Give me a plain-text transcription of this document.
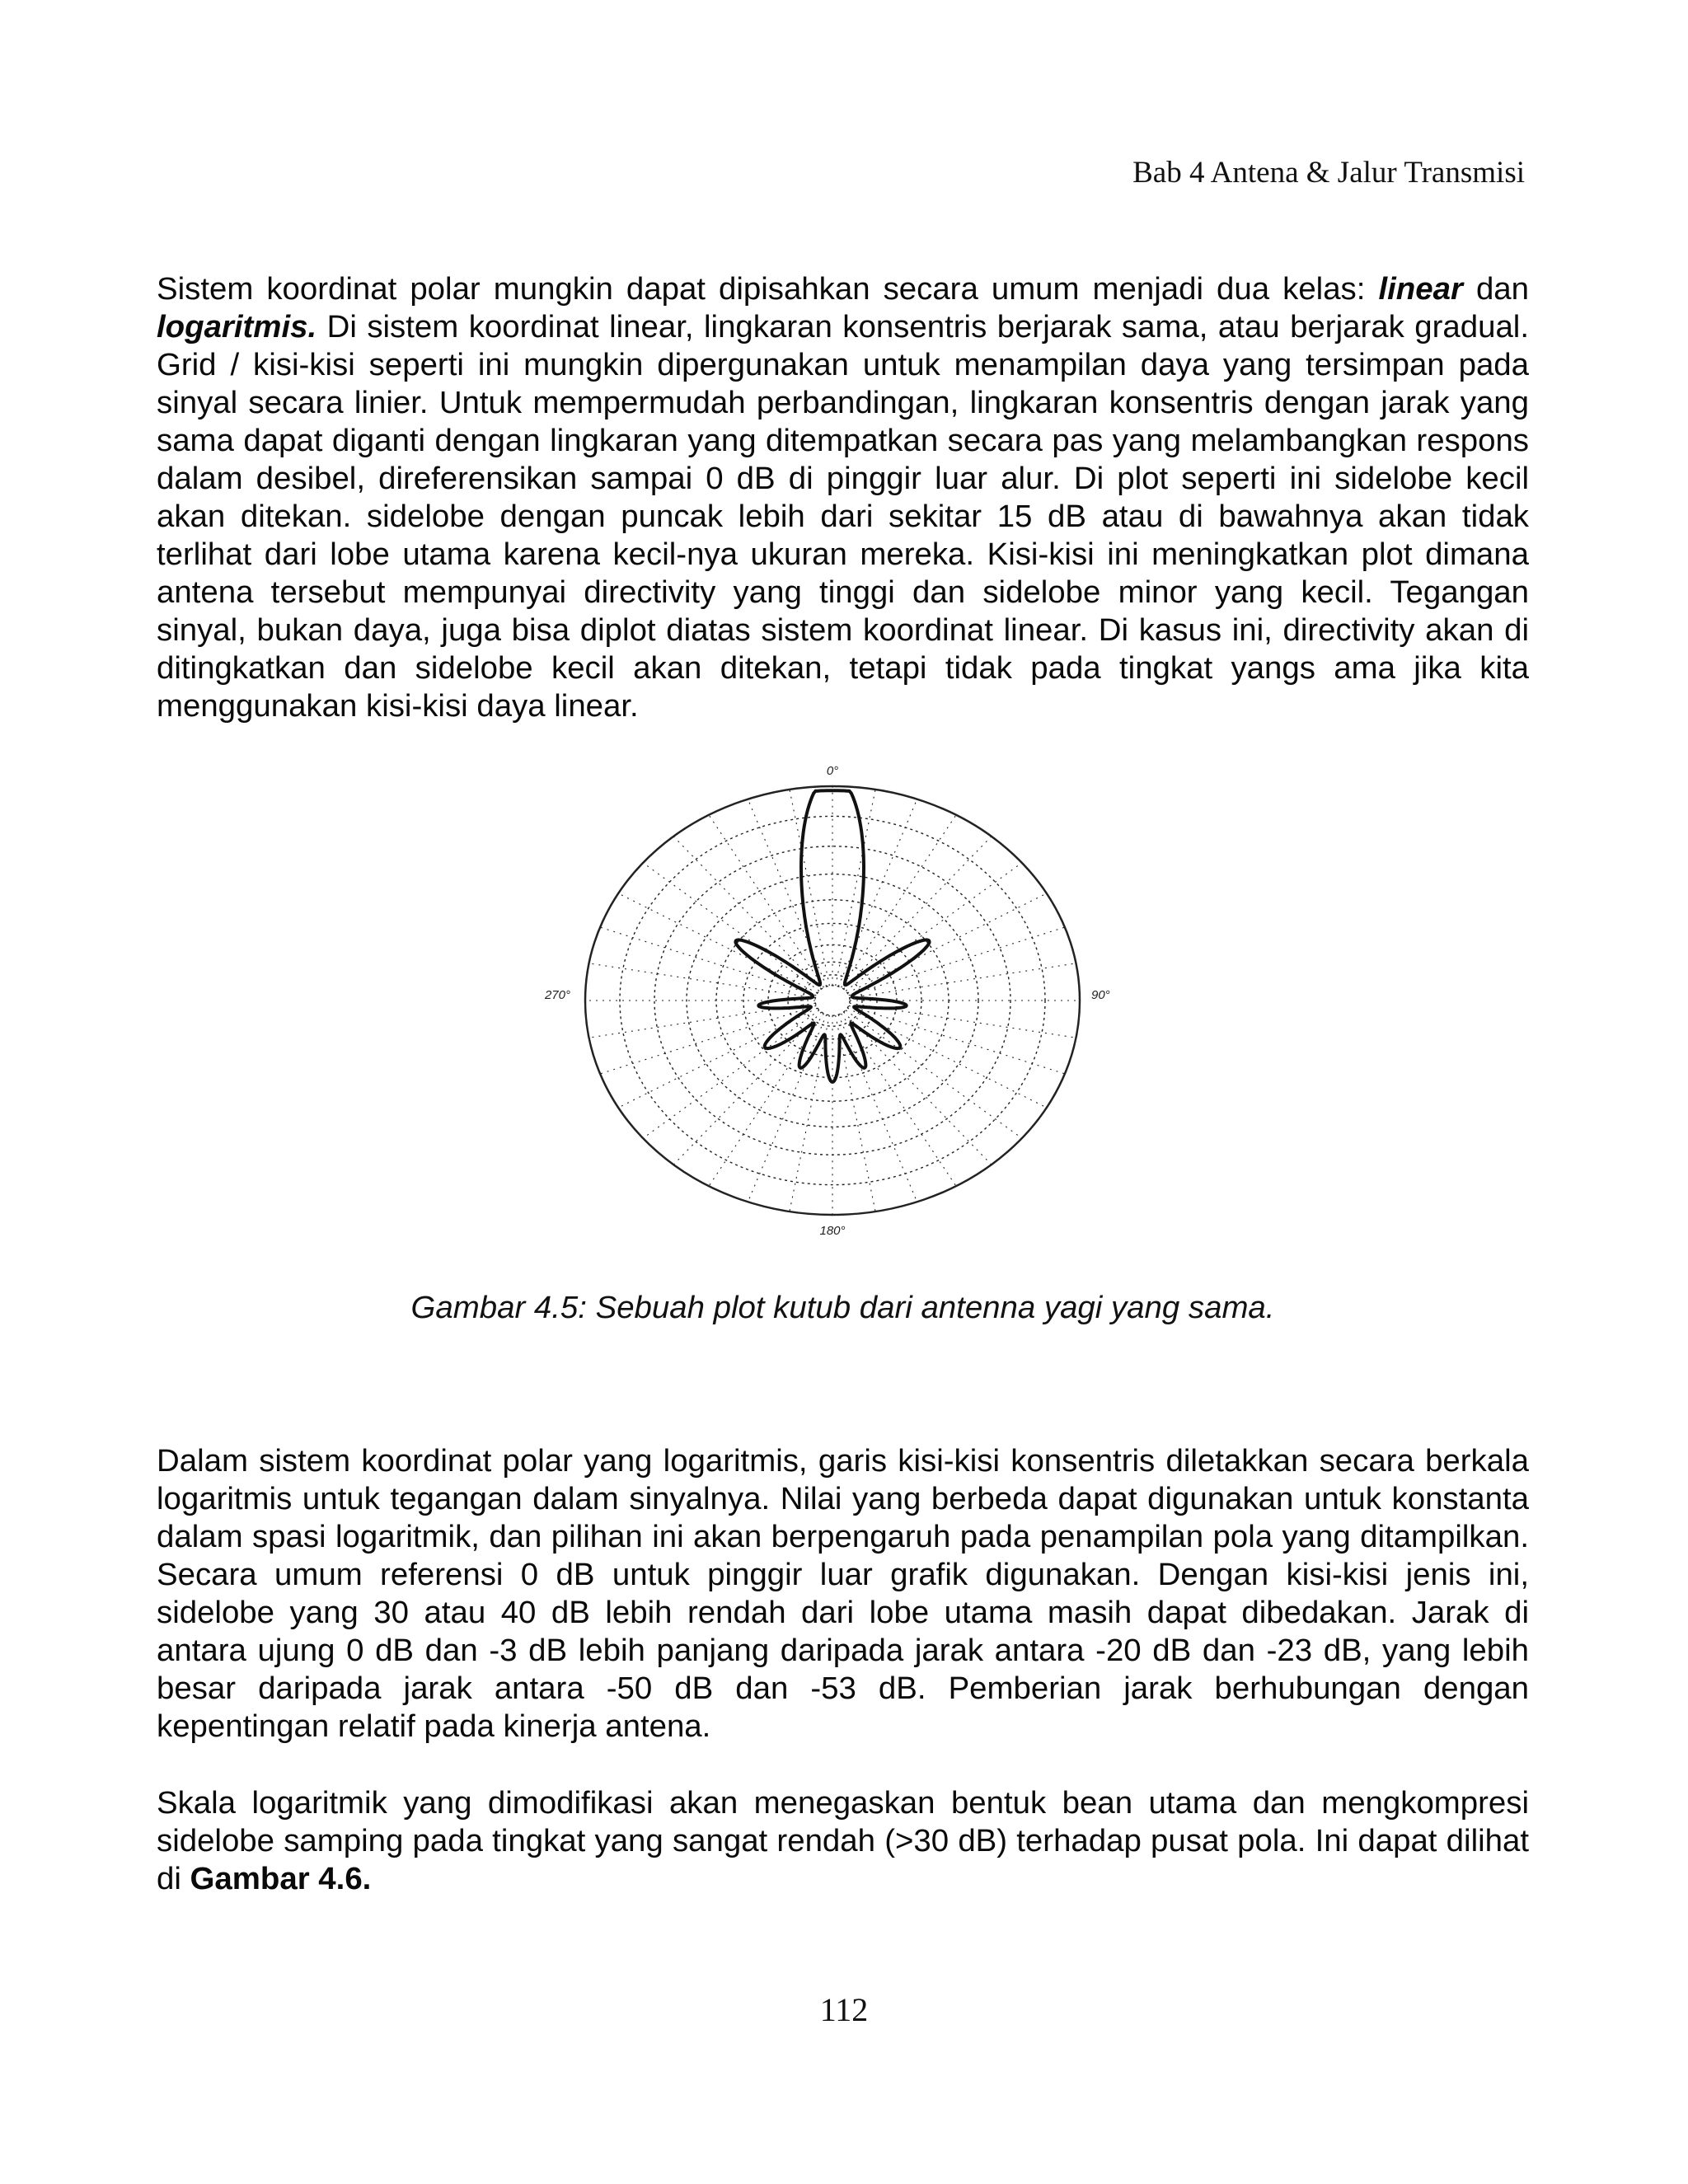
Bab 4 Antena & Jalur Transmisi

Sistem koordinat polar mungkin dapat dipisahkan secara umum menjadi dua kelas: linear dan logaritmis. Di sistem koordinat linear, lingkaran konsentris berjarak sama, atau berjarak gradual. Grid / kisi-kisi seperti ini mungkin dipergunakan untuk menampilan daya yang tersimpan pada sinyal secara linier. Untuk mempermudah perbandingan, lingkaran konsentris dengan jarak yang sama dapat diganti dengan lingkaran yang ditempatkan secara pas yang melambangkan respons dalam desibel, direferensikan sampai 0 dB di pinggir luar alur. Di plot seperti ini sidelobe kecil akan ditekan. sidelobe dengan puncak lebih dari sekitar 15 dB atau di bawahnya akan tidak terlihat dari lobe utama karena kecil-nya ukuran mereka. Kisi-kisi ini meningkatkan plot dimana antena tersebut mempunyai directivity yang tinggi dan sidelobe minor yang kecil. Tegangan sinyal, bukan daya, juga bisa diplot diatas sistem koordinat linear. Di kasus ini, directivity akan di ditingkatkan dan sidelobe kecil akan ditekan, tetapi tidak pada tingkat yangs ama jika kita menggunakan kisi-kisi daya linear.

0°
90°
180°
270°
Gambar 4.5: Sebuah plot kutub dari antenna yagi yang sama.

Dalam sistem koordinat polar yang logaritmis, garis kisi-kisi konsentris diletakkan secara berkala logaritmis untuk tegangan dalam sinyalnya. Nilai yang berbeda dapat digunakan untuk konstanta dalam spasi logaritmik, dan pilihan ini akan berpengaruh pada penampilan pola yang ditampilkan. Secara umum referensi 0 dB untuk pinggir luar grafik digunakan. Dengan kisi-kisi jenis ini, sidelobe yang 30 atau 40 dB lebih rendah dari lobe utama masih dapat dibedakan. Jarak di antara ujung 0 dB dan -3 dB lebih panjang daripada jarak antara -20 dB dan -23 dB, yang lebih besar daripada jarak antara -50 dB dan -53 dB. Pemberian jarak berhubungan dengan kepentingan relatif pada kinerja antena.

Skala logaritmik yang dimodifikasi akan menegaskan bentuk bean utama dan mengkompresi sidelobe samping pada tingkat yang sangat rendah (>30 dB) terhadap pusat pola. Ini dapat dilihat di Gambar 4.6.

112
